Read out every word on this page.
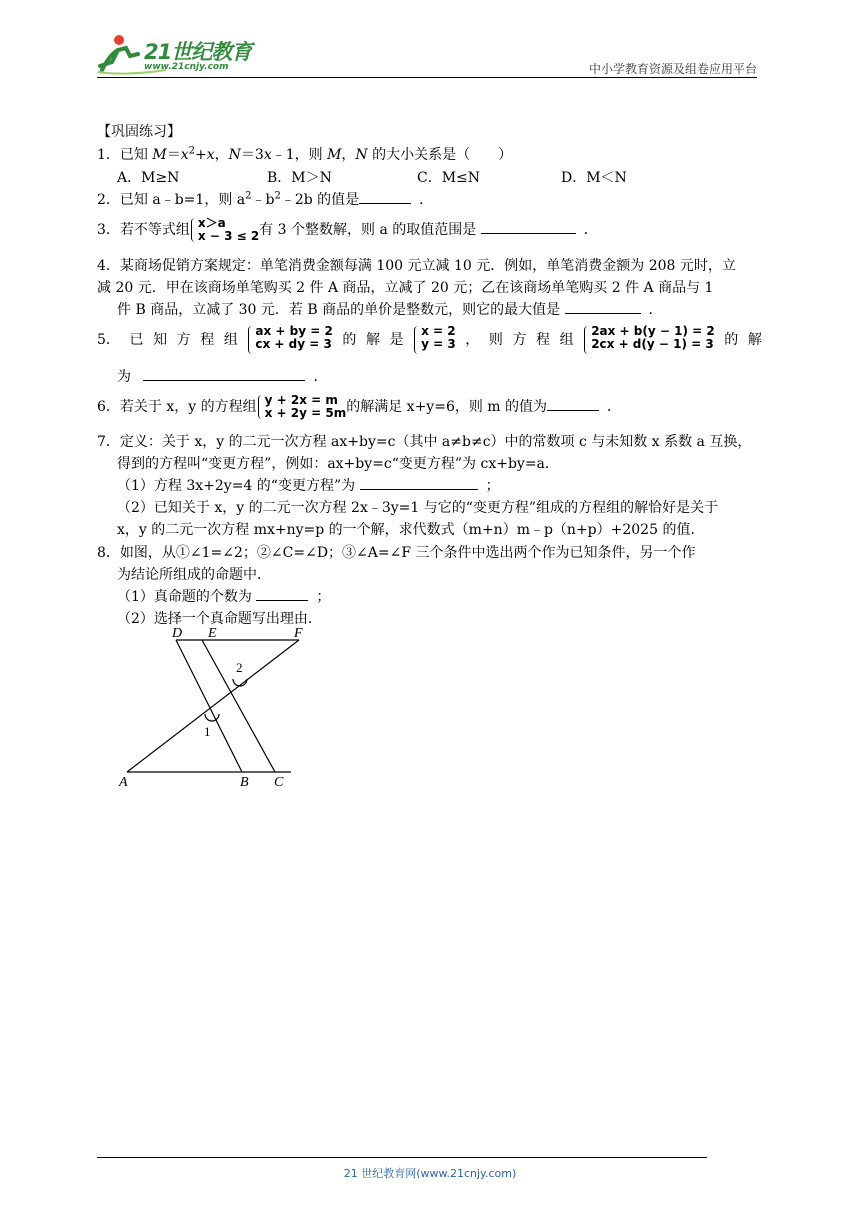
21世纪教育
www.21cnjy.com	中小学教育资源及组卷应用平台
【巩固练习】
1．已知 $M=x^2+x$，N＝3x﹣1，则 M，N 的大小关系是（　　）
A．M≥N	B．M＞N	C．M≤N	D．M＜N
2．已知 a﹣b=1，则 $a^2﹣b^2﹣2b$ 的值是	．
3．若不等式组 x＞a
x − 3 ≤ 2 有 3 个整数解，则 a 的取值范围是	．
4．某商场促销方案规定：单笔消费金额每满 100 元立减 10 元．例如，单笔消费金额为 208 元时，立
减 20 元．甲在该商场单笔购买 2 件 A 商品，立减了 20 元；乙在该商场单笔购买 2 件 A 商品与 1
件 B 商品，立减了 30 元．若 B 商品的单价是整数元，则它的最大值是	．
5． 已 知 方 程 组
ax + by = 2
cx + dy = 3 的 解 是
x = 2
y = 3 ， 则 方 程 组
2ax + b(y − 1) = 2
2cx + d(y − 1) = 3 的 解
为	．
6．若关于 x，y 的方程组 y + 2x = m
x + 2y = 5m 的解满足 x+y=6，则 m 的值为	．
7．定义：关于 x，y 的二元一次方程 ax+by=c（其中 a≠b≠c）中的常数项 c 与未知数 x 系数 a 互换，
得到的方程叫“变更方程”，例如：ax+by=c“变更方程”为 cx+by=a．
（1）方程 3x+2y=4 的“变更方程”为	；
（2）已知关于 x，y 的二元一次方程 2x﹣3y=1 与它的“变更方程”组成的方程组的解恰好是关于
x，y 的二元一次方程 mx+ny=p 的一个解，求代数式（m+n）m﹣p（n+p）+2025 的值．
8．如图，从①∠1=∠2；②∠C=∠D；③∠A=∠F 三个条件中选出两个作为已知条件，另一个作
为结论所组成的命题中．
（1）真命题的个数为	；
（2）选择一个真命题写出理由．
D E	F
A	B C
1
2
21 世纪教育网(www.21cnjy.com)
